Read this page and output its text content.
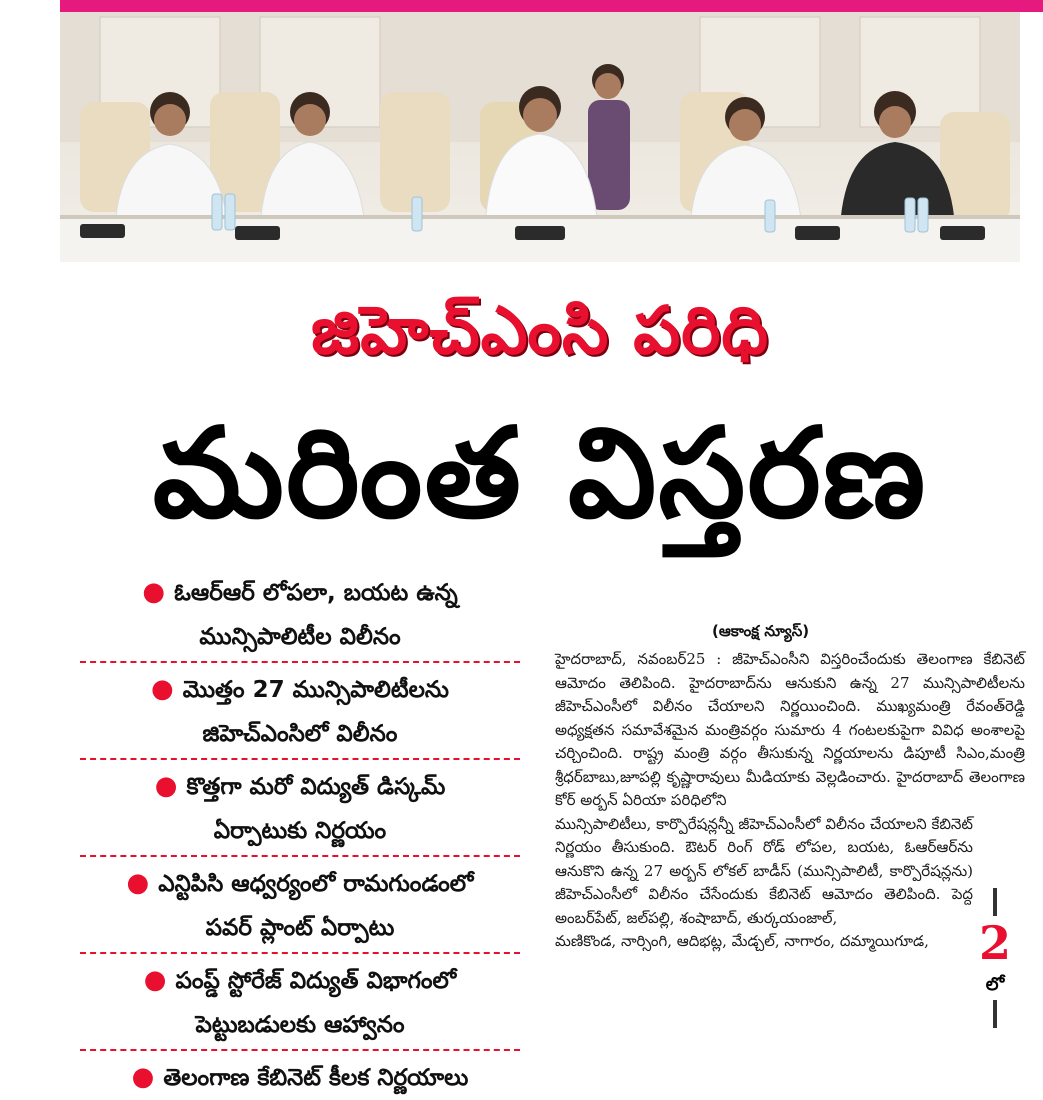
జిహెచ్ఎంసి పరిధి
మరింత విస్తరణ
● ఓఆర్ఆర్ లోపలా, బయట ఉన్న
మున్సిపాలిటీల విలీనం
● మొత్తం 27 మున్సిపాలిటీలను
జిహెచ్ఎంసిలో విలీనం
● కొత్తగా మరో విద్యుత్ డిస్కమ్
ఏర్పాటుకు నిర్ణయం
● ఎన్టిపిసి ఆధ్వర్యంలో రామగుండంలో
పవర్ ప్లాంట్ ఏర్పాటు
● పంప్డ్ స్టోరేజ్ విద్యుత్ విభాగంలో
పెట్టుబడులకు ఆహ్వానం
● తెలంగాణ కేబినెట్ కీలక నిర్ణయాలు
(ఆకాంక్ష న్యూస్)

హైదరాబాద్, నవంబర్25 : జీహెచ్ఎంసీని విస్తరించేందుకు తెలంగాణ కేబినెట్ ఆమోదం తెలిపింది. హైదరాబాద్‌ను ఆనుకుని ఉన్న 27 మున్సిపాలిటీలను జీహెచ్ఎంసీలో విలీనం చేయాలని నిర్ణయించింది. ముఖ్యమంత్రి రేవంత్‌రెడ్డి అధ్యక్షతన సమావేశమైన మంత్రివర్గం సుమారు 4 గంటలకుపైగా వివిధ అంశాలపై చర్చించింది. రాష్ట్ర మంత్రి వర్గం తీసుకున్న నిర్ణయాలను డిపూటీ సిఎం,మంత్రి శ్రీధర్‌బాబు,జూపల్లి కృష్ణారావులు మీడియాకు వెల్లడించారు. హైదరాబాద్ తెలంగాణ కోర్ అర్బన్ ఏరియా పరిధిలోని

మున్సిపాలిటీలు, కార్పొరేషన్లన్నీ జీహెచ్ఎంసీలో విలీనం చేయాలని కేబినెట్ నిర్ణయం తీసుకుంది. ఔటర్ రింగ్ రోడ్ లోపల, బయట, ఓఆర్ఆర్‌ను ఆనుకొని ఉన్న 27 అర్బన్ లోకల్ బాడీస్ (మున్సిపాలిటీ, కార్పొరేషన్లను) జీహెచ్ఎంసీలో విలీనం చేసేందుకు కేబినెట్ ఆమోదం తెలిపింది. పెద్ద అంబర్‌పేట్, జల్‌పల్లి, శంషాబాద్, తుర్కయంజాల్,

మణికొండ, నార్సింగి, ఆదిభట్ల, మేడ్చల్, నాగారం, దమ్మాయిగూడ,	2
లో
